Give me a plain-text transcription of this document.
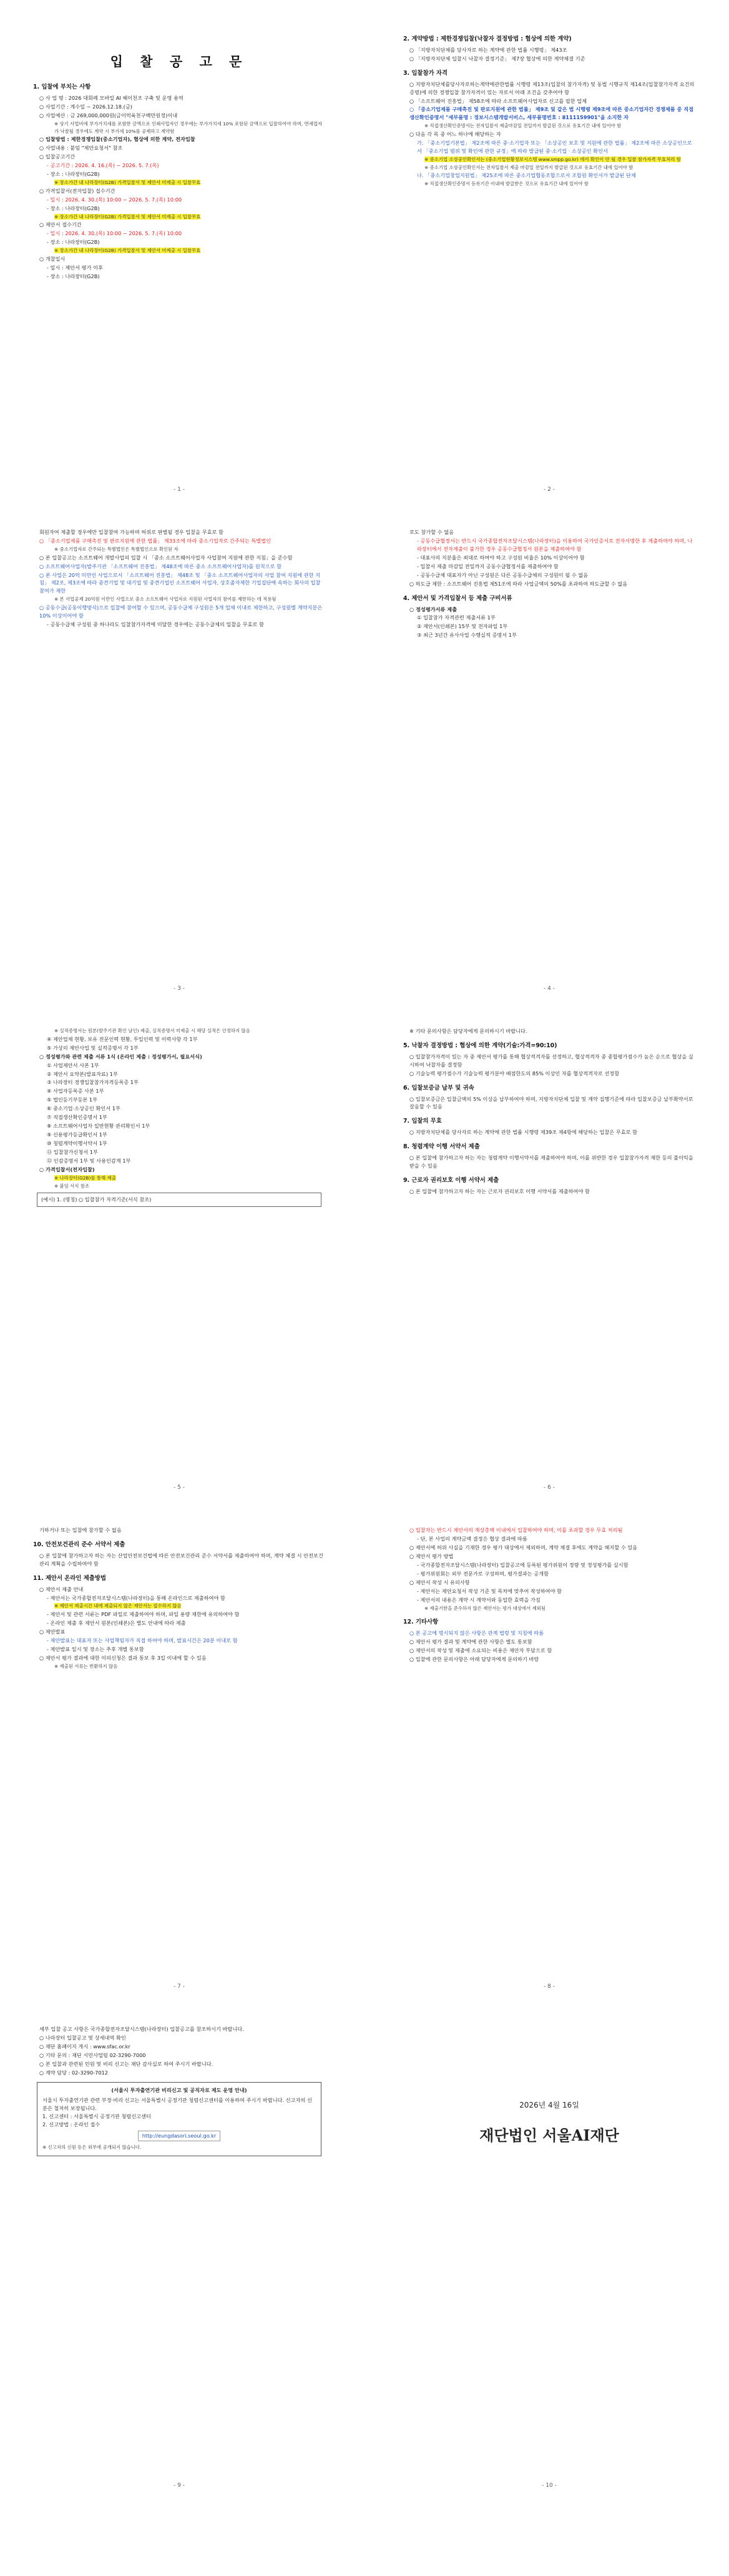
입 찰 공 고 문
1. 입찰에 부치는 사항
○ 사 업 명 : 2026 대회례 모바일 AI 헤이천조 구축 및 운영 용역
○ 사업기간 : 계수일 ~ 2026.12.18.(금)
○ 사업예산 : 금 269,000,000원(금이억육천구백만원정)이내
※ 상기 사업비에 부가가치세를 포함한 금액으로 인쇄사업자인 경우에는 부가가치세 10% 포함된 금액으로 입찰하여야 하며, 면세업자가 낙찰될 경우에도 계약 시 부가세 10%를 공제하고 계약함
○ 입찰방법 : 제한경쟁입찰(중소기업자), 협상에 의한 계약, 전자입찰
○ 사업내용 : 붙임 "제안요청서" 참조
○ 입찰공고기간
- 공고기간 : 2026. 4. 16.(목) ~ 2026. 5. 7.(목)
- 장소 : 나라장터(G2B)
※ 장소가간 내 나라장터(G2B) 가격입찰서 및 제안서 미제출 시 입찰무효
○ 가격입찰서(전자입찰) 접수기간
- 일시 : 2026. 4. 30.(목) 10:00 ~ 2026. 5. 7.(목) 10:00
- 장소 : 나라장터(G2B)
※ 장소가간 내 나라장터(G2B) 가격입찰서 및 제안서 미제출 시 입찰무효
○ 제안서 접수기간
- 일시 : 2026. 4. 30.(목) 10:00 ~ 2026. 5. 7.(목) 10:00
- 장소 : 나라장터(G2B)
※ 장소가간 내 나라장터(G2B) 가격입찰서 및 제안서 미제출 시 입찰무효
○ 개찰일시
- 일시 : 제안서 평가 이후
- 장소 : 나라장터(G2B)
- 1 -
2. 계약방법 : 제한경쟁입찰(낙찰자 결정방법 : 협상에 의한 계약)
○ 「지방자치단체를 당사자로 하는 계약에 관한 법률 시행령」 제43조
○ 「지방자치단체 입찰시 낙찰자 결정기준」 제7장 협상에 의한 계약체결 기준
3. 입찰참가 자격
○ 지방자치단체를당사자로하는계약에관한법률 시행령 제13조(입찰의 참가자격) 및 동법 시행규칙 제14조(입찰참가자격 요건의 증명)에 의한 경쟁입찰 참가자격이 있는 자로서 아래 조건을 갖추어야 함
○ 「소프트웨어 진흥법」 제58조에 따라 소프트웨어사업자로 신고를 필한 업체
○ 「중소기업제품 구매촉진 및 판로지원에 관한 법률」 제9조 및 같은 법 시행령 제9조에 따른 중소기업자간 경쟁제품 중 직접생산확인증명서 "세부품명 : 정보시스템개발서비스, 세부품명번호 : 8111159901"을 소지한 자
※ 직접생산확인증명서는 전자입찰서 제출마감일 전일까지 발급된 것으로 유효기간 내에 있어야 함
○ 다음 각 목 중 어느 하나에 해당하는 자
가. 「중소기업기본법」 제2조에 따른 중·소기업자 또는 「소상공인 보호 및 지원에 관한 법률」 제2조에 따른 소상공인으로서 「중소기업 범위 및 확인에 관한 규정」에 따라 발급된 중·소기업 · 소상공인 확인서
※ 중소기업 소상공인확인서는 (중소기업현황정보시스템 www.smpp.go.kr) 에서 확인이 안 될 경우 입찰 참가자격 무효처리 함
※ 중소기업 소상공인확인서는 전자입찰서 제출 마감일 전일까지 발급된 것으로 유효기간 내에 있어야 함
나. 「중소기업창업지원법」 제25조에 따른 중소기업협동조합으로서 조합원 확인서가 발급된 단체
※ 직접생산확인증명서 등록기간 이내에 발급받은 것으로 유효기간 내에 있어야 함
- 2 -
회원자여 제출할 경우에만 입찰참여 가능하며 허위로 판별될 경우 입찰을 무효로 함
○ 「중소기업제품 구매촉진 및 판로지원에 관한 법률」 제33조에 따라 중소기업자로 간주되는 특별법인
※ 중소기업자로 간주되는 특별법인은 특별법인으로 확인된 자
○ 본 입찰공고는 소프트웨어 개발사업의 입찰 시 「중소 소프트웨어사업자 사업참여 지원에 관한 지침」을 준수함
○ 소프트웨어사업자(발주기관 「소프트웨어 진흥법」 제48조에 따른 중소 소프트웨어사업자)를 원칙으로 함
○ 본 사업은 20억 미만인 사업으로서 「소프트웨어 진흥법」 제48조 및 「중소 소프트웨어사업자의 사업 참여 지원에 관한 지침」 제2조, 제3조에 따라 중견기업 및 대기업 및 중견기업인 소프트웨어 사업자, 상호출자제한 기업집단에 속하는 회사의 입찰 참여가 제한
※ 본 사업공제 20억원 이만인 사업으로 중소 소프트웨어 사업자로 지원된 사업자의 참여를 제한하는 데 적용됨
○ 공동수급(공동이행방식)으로 입찰에 참여할 수 있으며, 공동수급체 구성원은 5개 업체 이내로 제한하고, 구성원별 계약지분은 10% 이상이어야 함
- 공동수급체 구성원 중 하나라도 입찰참가자격에 미달한 경우에는 공동수급체의 입찰을 무효로 함
- 3 -
로도 참가할 수 없음
- 공동수급협정서는 반드시 국가종합전자조달시스템(나라장터)을 이용하여 국가인증서로 전자서명한 후 제출하여야 하며, 나라장터에서 전자제출이 불가한 경우 공동수급협정서 원본을 제출하여야 함
- 대표사의 지분율은 최대로 하여야 하고 구성원 비율은 10% 이상이어야 함
- 입찰서 제출 마감일 전일까지 공동수급협정서를 제출하여야 함
- 공동수급체 대표자가 아닌 구성원은 다른 공동수급체의 구성원이 될 수 없음
○ 하도급 제한 : 소프트웨어 진흥법 제51조에 따라 사업금액의 50%를 초과하여 하도급할 수 없음
4. 제안서 및 가격입찰서 등 제출 구비서류
○ 정성평가서류 제출
① 입찰참가 자격관련 제출서류 1부
② 제안서(인쇄본) 15부 및 전자파일 1부
③ 최근 3년간 유사사업 수행실적 증명서 1부
- 4 -
※ 실적증명서는 원본(발주기관 확인 날인) 제출, 실적증명서 미제출 시 해당 실적은 인정하지 않음
④ 제안업체 현황, 보유 전문인력 현황, 투입인력 및 이력사항 각 1부
⑤ 가상의 제안사업 및 실적증명서 각 1부
○ 정성평가와 관련 제출 서류 1식 (온라인 제출 : 정성평가서, 필요서식)
① 사업제안서 사본 1부
② 제안서 요약본(발표자료) 1부
③ 나라장터 경쟁입찰참가자격등록증 1부
④ 사업자등록증 사본 1부
⑤ 법인등기부등본 1부
⑥ 중소기업·소상공인 확인서 1부
⑦ 직접생산확인증명서 1부
⑧ 소프트웨어사업자 일반현황 관리확인서 1부
⑨ 신용평가등급확인서 1부
⑩ 청렴계약이행서약서 1부
⑪ 입찰참가신청서 1부
⑫ 인감증명서 1부 및 사용인감계 1부
○ 가격입찰서(전자입찰)
※ 나라장터(G2B)를 통해 제출
※ 붙임 서식 참조
(예시) 1. (명칭) ○ 입찰참가 자격기준(서식 참조)
- 5 -
※ 기타 문의사항은 담당자에게 문의하시기 바랍니다.
5. 낙찰자 결정방법 : 협상에 의한 계약(기술:가격=90:10)
○ 입찰참가자격이 있는 자 중 제안서 평가를 통해 협상적격자를 선정하고, 협상적격자 중 종합평가점수가 높은 순으로 협상을 실시하여 낙찰자를 결정함
○ 기술능력 평가점수가 기술능력 평가분야 배점한도의 85% 이상인 자를 협상적격자로 선정함
6. 입찰보증금 납부 및 귀속
○ 입찰보증금은 입찰금액의 5% 이상을 납부하여야 하며, 지방자치단체 입찰 및 계약 집행기준에 따라 입찰보증금 납부확약서로 갈음할 수 있음
7. 입찰의 무효
○ 지방자치단체를 당사자로 하는 계약에 관한 법률 시행령 제39조 제4항에 해당하는 입찰은 무효로 함
8. 청렴계약 이행 서약서 제출
○ 본 입찰에 참가하고자 하는 자는 청렴계약 이행서약서를 제출하여야 하며, 이를 위반한 경우 입찰참가자격 제한 등의 불이익을 받을 수 있음
9. 근로자 권리보호 이행 서약서 제출
○ 본 입찰에 참가하고자 하는 자는 근로자 권리보호 이행 서약서를 제출하여야 함
- 6 -
기하거나 또는 입찰에 참가할 수 없음
10. 안전보건관리 준수 서약서 제출
○ 본 입찰에 참가하고자 하는 자는 산업안전보건법에 따른 안전보건관리 준수 서약서를 제출하여야 하며, 계약 체결 시 안전보건관리 계획을 수립하여야 함
11. 제안서 온라인 제출방법
○ 제안서 제출 안내
- 제안서는 국가종합전자조달시스템(나라장터)을 통해 온라인으로 제출하여야 함
※ 제안서 제출시간 내에 제출되지 않은 제안서는 접수하지 않음
- 제안서 및 관련 서류는 PDF 파일로 제출하여야 하며, 파일 용량 제한에 유의하여야 함
- 온라인 제출 후 제안서 원본(인쇄본)은 별도 안내에 따라 제출
○ 제안발표
- 제안발표는 대표자 또는 사업책임자가 직접 하여야 하며, 발표시간은 20분 이내로 함
- 제안발표 일시 및 장소는 추후 개별 통보함
○ 제안서 평가 결과에 대한 이의신청은 결과 통보 후 3일 이내에 할 수 있음
※ 제출된 서류는 반환하지 않음
- 7 -
○ 입찰자는 반드시 제안서의 계상총액 이내에서 입찰하여야 하며, 이를 초과할 경우 무효 처리됨
- 단, 본 사업의 계약금액 결정은 협상 결과에 따름
○ 제안서에 허위 사실을 기재한 경우 평가 대상에서 제외하며, 계약 체결 후에도 계약을 해지할 수 있음
○ 제안서 평가 방법
- 국가종합전자조달시스템(나라장터) 입찰공고에 등록된 평가위원이 정량 및 정성평가를 실시함
- 평가위원회는 외부 전문가로 구성하며, 평가결과는 공개함
○ 제안서 작성 시 유의사항
- 제안서는 제안요청서 작성 기준 및 목차에 맞추어 작성하여야 함
- 제안서의 내용은 계약 시 계약서와 동일한 효력을 가짐
※ 제출기한을 준수하지 않은 제안서는 평가 대상에서 제외됨
12. 기타사항
○ 본 공고에 명시되지 않은 사항은 관계 법령 및 지침에 따름
○ 제안서 평가 결과 및 계약에 관한 사항은 별도 통보함
○ 제안서의 작성 및 제출에 소요되는 비용은 제안자 부담으로 함
○ 입찰에 관한 문의사항은 아래 담당자에게 문의하기 바람
- 8 -
세부 입찰 공고 사항은 국가종합전자조달시스템(나라장터) 입찰공고를 참조하시기 바랍니다.
○ 나라장터 입찰공고 및 상세내역 확인
○ 재단 홈페이지 게시 : www.sfac.or.kr
○ 기타 문의 : 재단 시민사업팀 02-3290-7000
○ 본 입찰과 관련된 민원 및 비리 신고는 재단 감사실로 하여 주시기 바랍니다.
○ 계약 담당 : 02-3290-7012
(서울시 투자출연기관 비리신고 및 공직자로 제도 운영 안내)
서울시 투자출연기관 관련 부정·비리 신고는 서울특별시 공정기관 청렴신고센터를 이용하여 주시기 바랍니다. 신고자의 신분은 철저히 보장됩니다.
1. 신고센터 : 서울특별시 공정기관 청렴신고센터
2. 신고방법 : 온라인 접수
http://eungdasori.seoul.go.kr
※ 신고자의 신원 등은 외부에 공개되지 않습니다.
- 9 -
2026년 4월 16일
재단법인 서울AI재단
- 10 -
